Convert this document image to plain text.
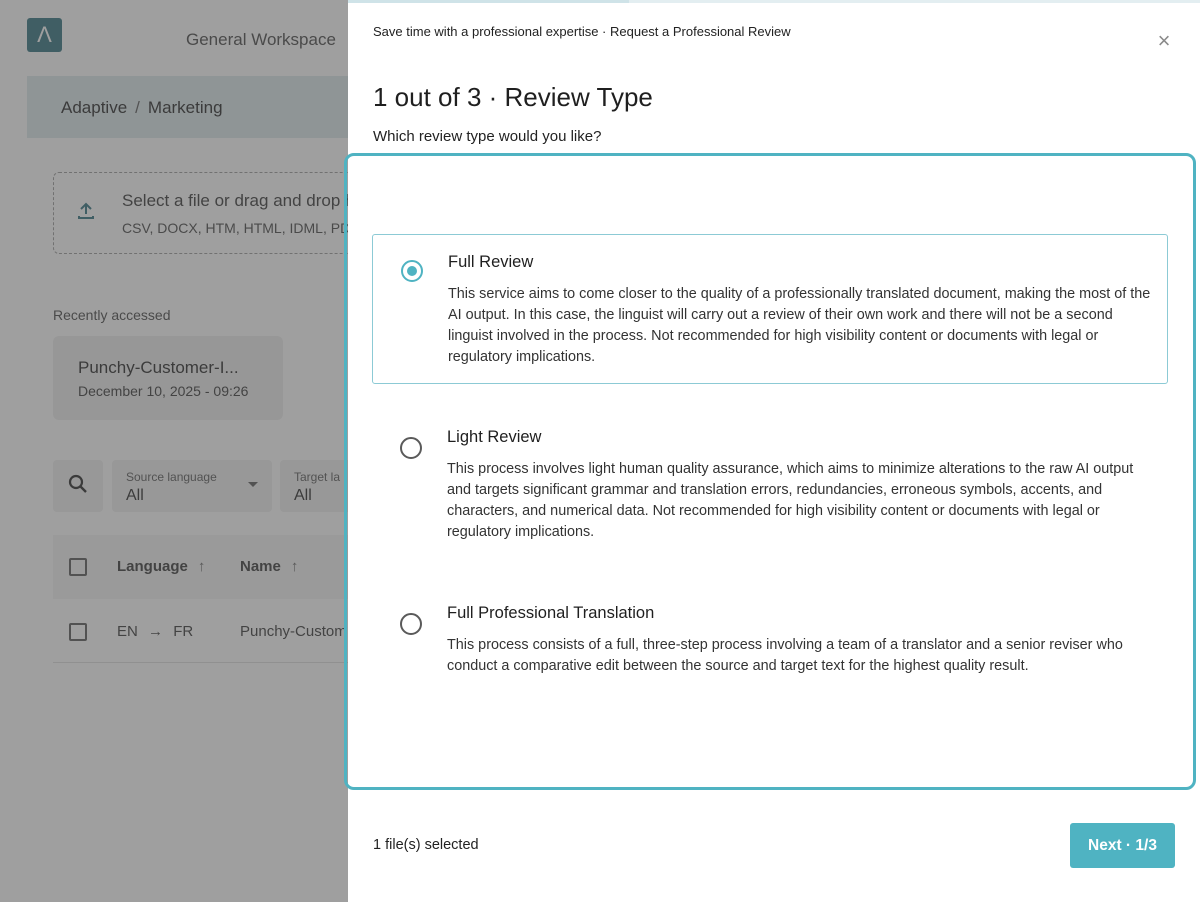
Save time with a professional expertise · Request a Professional Review	×
1 out of 3 · Review Type
Which review type would you like?
Full Review
This service aims to come closer to the quality of a professionally translated document, making the most of the AI output. In this case, the linguist will carry out a review of their own work and there will not be a second linguist involved in the process. Not recommended for high visibility content or documents with legal or regulatory implications.
Light Review
This process involves light human quality assurance, which aims to minimize alterations to the raw AI output and targets significant grammar and translation errors, redundancies, erroneous symbols, accents, and characters, and numerical data. Not recommended for high visibility content or documents with legal or regulatory implications.
Full Professional Translation
This process consists of a full, three-step process involving a team of a translator and a senior reviser who conduct a comparative edit between the source and target text for the highest quality result.
1 file(s) selected	Next · 1/3
